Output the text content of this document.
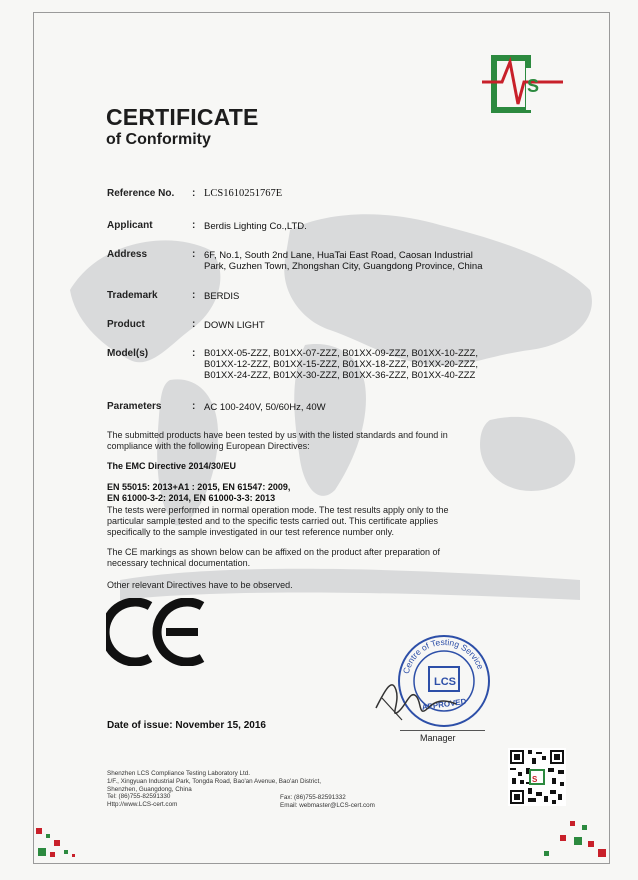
CERTIFICATE
of Conformity
S
Reference No. : LCS1610251767E
Applicant	: Berdis Lighting Co.,LTD.
Address	: 6F, No.1, South 2nd Lane, HuaTai East Road, Caosan Industrial
Park, Guzhen Town, Zhongshan City, Guangdong Province, China
Trademark	: BERDIS
Product	: DOWN LIGHT
Model(s)	: B01XX-05-ZZZ, B01XX-07-ZZZ, B01XX-09-ZZZ, B01XX-10-ZZZ,
B01XX-12-ZZZ, B01XX-15-ZZZ, B01XX-18-ZZZ, B01XX-20-ZZZ,
B01XX-24-ZZZ, B01XX-30-ZZZ, B01XX-36-ZZZ, B01XX-40-ZZZ
Parameters	: AC 100-240V, 50/60Hz, 40W
The submitted products have been tested by us with the listed standards and found in
compliance with the following European Directives:
The EMC Directive 2014/30/EU
EN 55015: 2013+A1 : 2015, EN 61547: 2009,
EN 61000-3-2: 2014, EN 61000-3-3: 2013
The tests were performed in normal operation mode. The test results apply only to the
particular sample tested and to the specific tests carried out. This certificate applies
specifically to the sample investigated in our test reference number only.
The CE markings as shown below can be affixed on the product after preparation of
necessary technical documentation.
Other relevant Directives have to be observed.
Centre of Testing Service
LCS
APPROVED
Date of issue: November 15, 2016
Manager
Shenzhen LCS Compliance Testing Laboratory Ltd.
1/F., Xingyuan Industrial Park, Tongda Road, Bao'an Avenue, Bao'an District,
Shenzhen, Guangdong, China
Tel: (86)755-82591330
Http://www.LCS-cert.com
Fax: (86)755-82591332
Email: webmaster@LCS-cert.com
S
